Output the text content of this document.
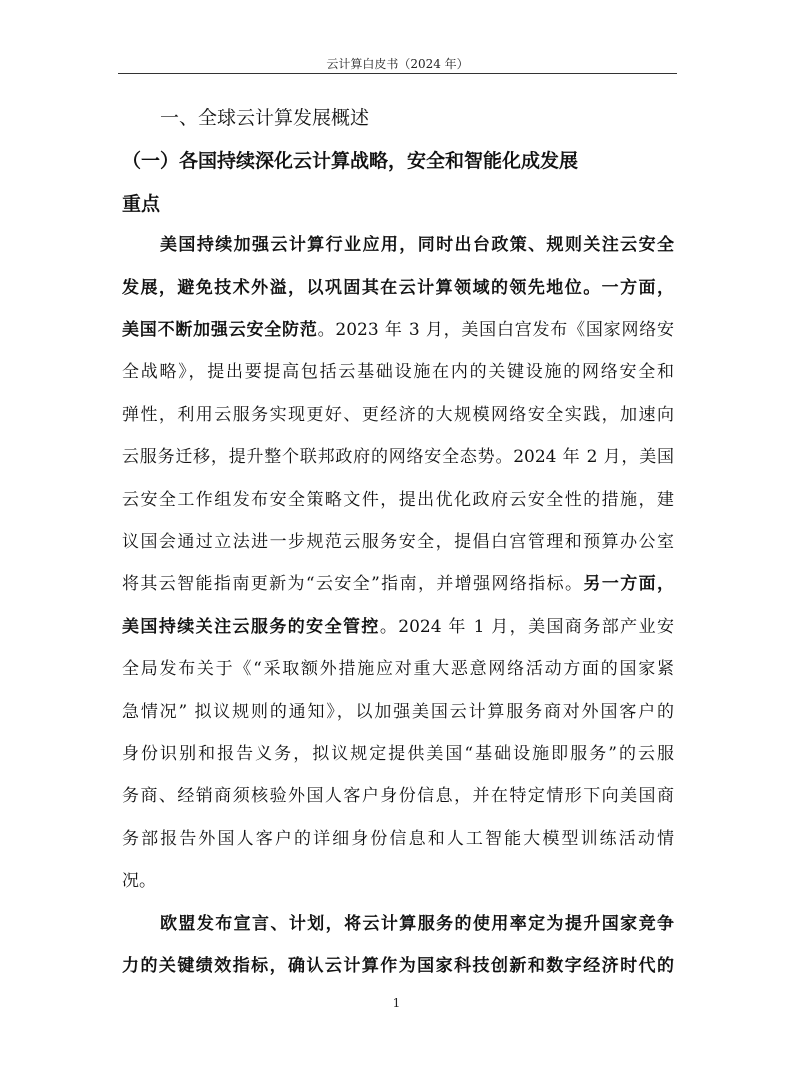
云计算白皮书（2024 年）
一、全球云计算发展概述
（一）各国持续深化云计算战略，安全和智能化成发展
重点
美国持续加强云计算行业应用，同时出台政策、规则关注云安全
发展，避免技术外溢，以巩固其在云计算领域的领先地位。一方面，
美国不断加强云安全防范。2023 年 3 月，美国白宫发布《国家网络安
全战略》，提出要提高包括云基础设施在内的关键设施的网络安全和
弹性，利用云服务实现更好、更经济的大规模网络安全实践，加速向
云服务迁移，提升整个联邦政府的网络安全态势。2024 年 2 月，美国
云安全工作组发布安全策略文件，提出优化政府云安全性的措施，建
议国会通过立法进一步规范云服务安全，提倡白宫管理和预算办公室
将其云智能指南更新为“云安全”指南，并增强网络指标。另一方面，
美国持续关注云服务的安全管控。2024 年 1 月，美国商务部产业安
全局发布关于《“采取额外措施应对重大恶意网络活动方面的国家紧
急情况” 拟议规则的通知》，以加强美国云计算服务商对外国客户的
身份识别和报告义务，拟议规定提供美国“基础设施即服务”的云服
务商、经销商须核验外国人客户身份信息，并在特定情形下向美国商
务部报告外国人客户的详细身份信息和人工智能大模型训练活动情
况。
欧盟发布宣言、计划，将云计算服务的使用率定为提升国家竞争
力的关键绩效指标，确认云计算作为国家科技创新和数字经济时代的
1
